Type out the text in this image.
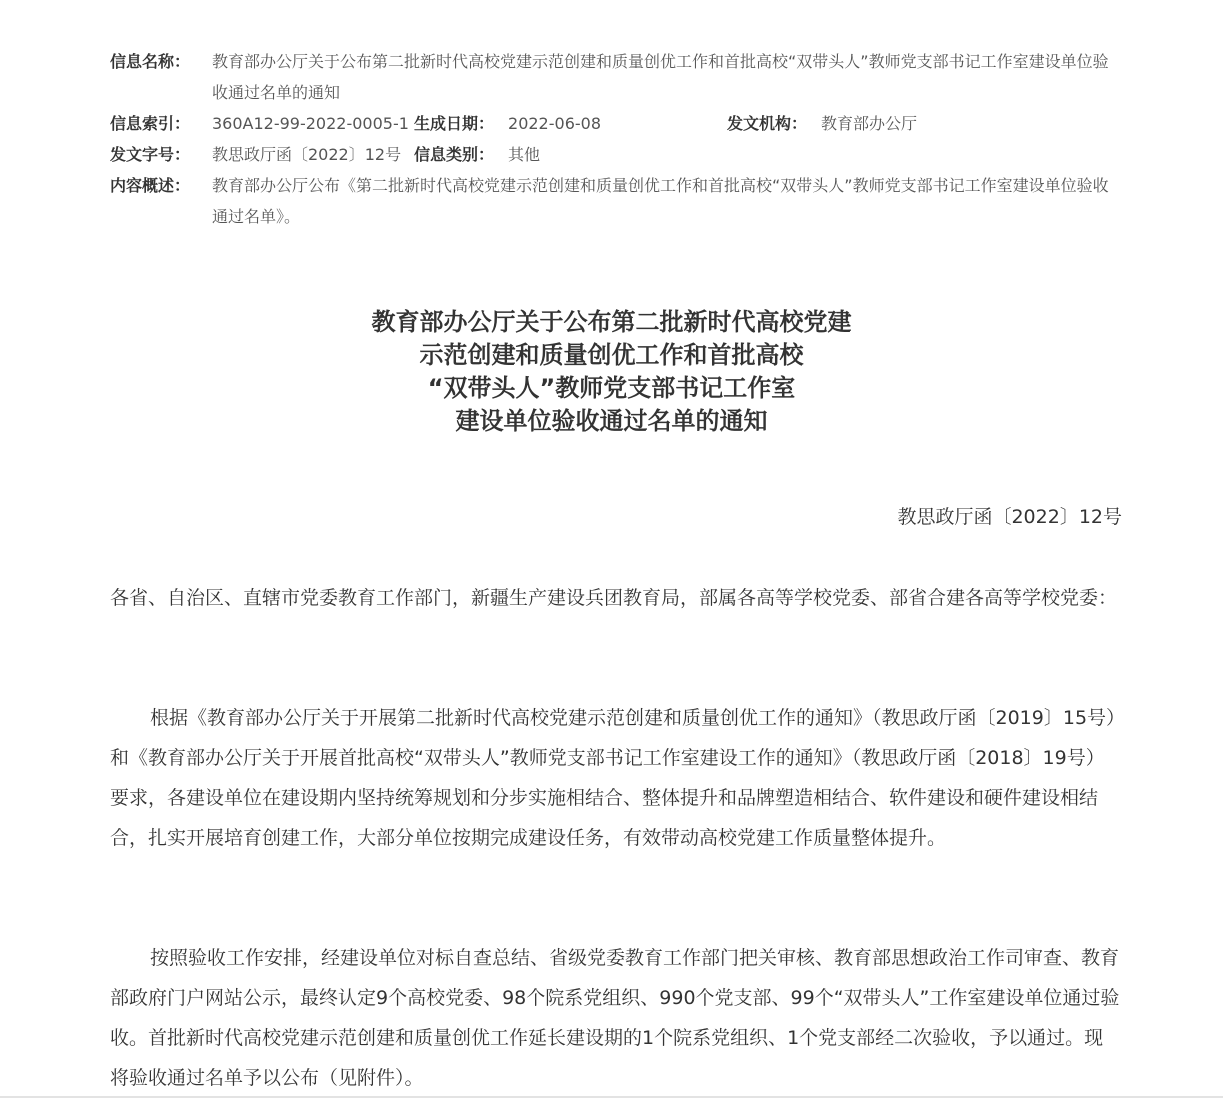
信息名称：	教育部办公厅关于公布第二批新时代高校党建示范创建和质量创优工作和首批高校“双带头人”教师党支部书记工作室建设单位验收通过名单的通知
信息索引：	360A12-99-2022-0005-1 生成日期： 2022-06-08	发文机构： 教育部办公厅
发文字号：	教思政厅函〔2022〕12号 信息类别： 其他
内容概述：	教育部办公厅公布《第二批新时代高校党建示范创建和质量创优工作和首批高校“双带头人”教师党支部书记工作室建设单位验收通过名单》。
教育部办公厅关于公布第二批新时代高校党建
示范创建和质量创优工作和首批高校
“双带头人”教师党支部书记工作室
建设单位验收通过名单的通知
教思政厅函〔2022〕12号

各省、自治区、直辖市党委教育工作部门，新疆生产建设兵团教育局，部属各高等学校党委、部省合建各高等学校党委：

根据《教育部办公厅关于开展第二批新时代高校党建示范创建和质量创优工作的通知》（教思政厅函〔2019〕15号）和《教育部办公厅关于开展首批高校“双带头人”教师党支部书记工作室建设工作的通知》（教思政厅函〔2018〕19号）要求，各建设单位在建设期内坚持统筹规划和分步实施相结合、整体提升和品牌塑造相结合、软件建设和硬件建设相结合，扎实开展培育创建工作，大部分单位按期完成建设任务，有效带动高校党建工作质量整体提升。

按照验收工作安排，经建设单位对标自查总结、省级党委教育工作部门把关审核、教育部思想政治工作司审查、教育部政府门户网站公示，最终认定9个高校党委、98个院系党组织、990个党支部、99个“双带头人”工作室建设单位通过验收。首批新时代高校党建示范创建和质量创优工作延长建设期的1个院系党组织、1个党支部经二次验收，予以通过。现将验收通过名单予以公布（见附件）。
